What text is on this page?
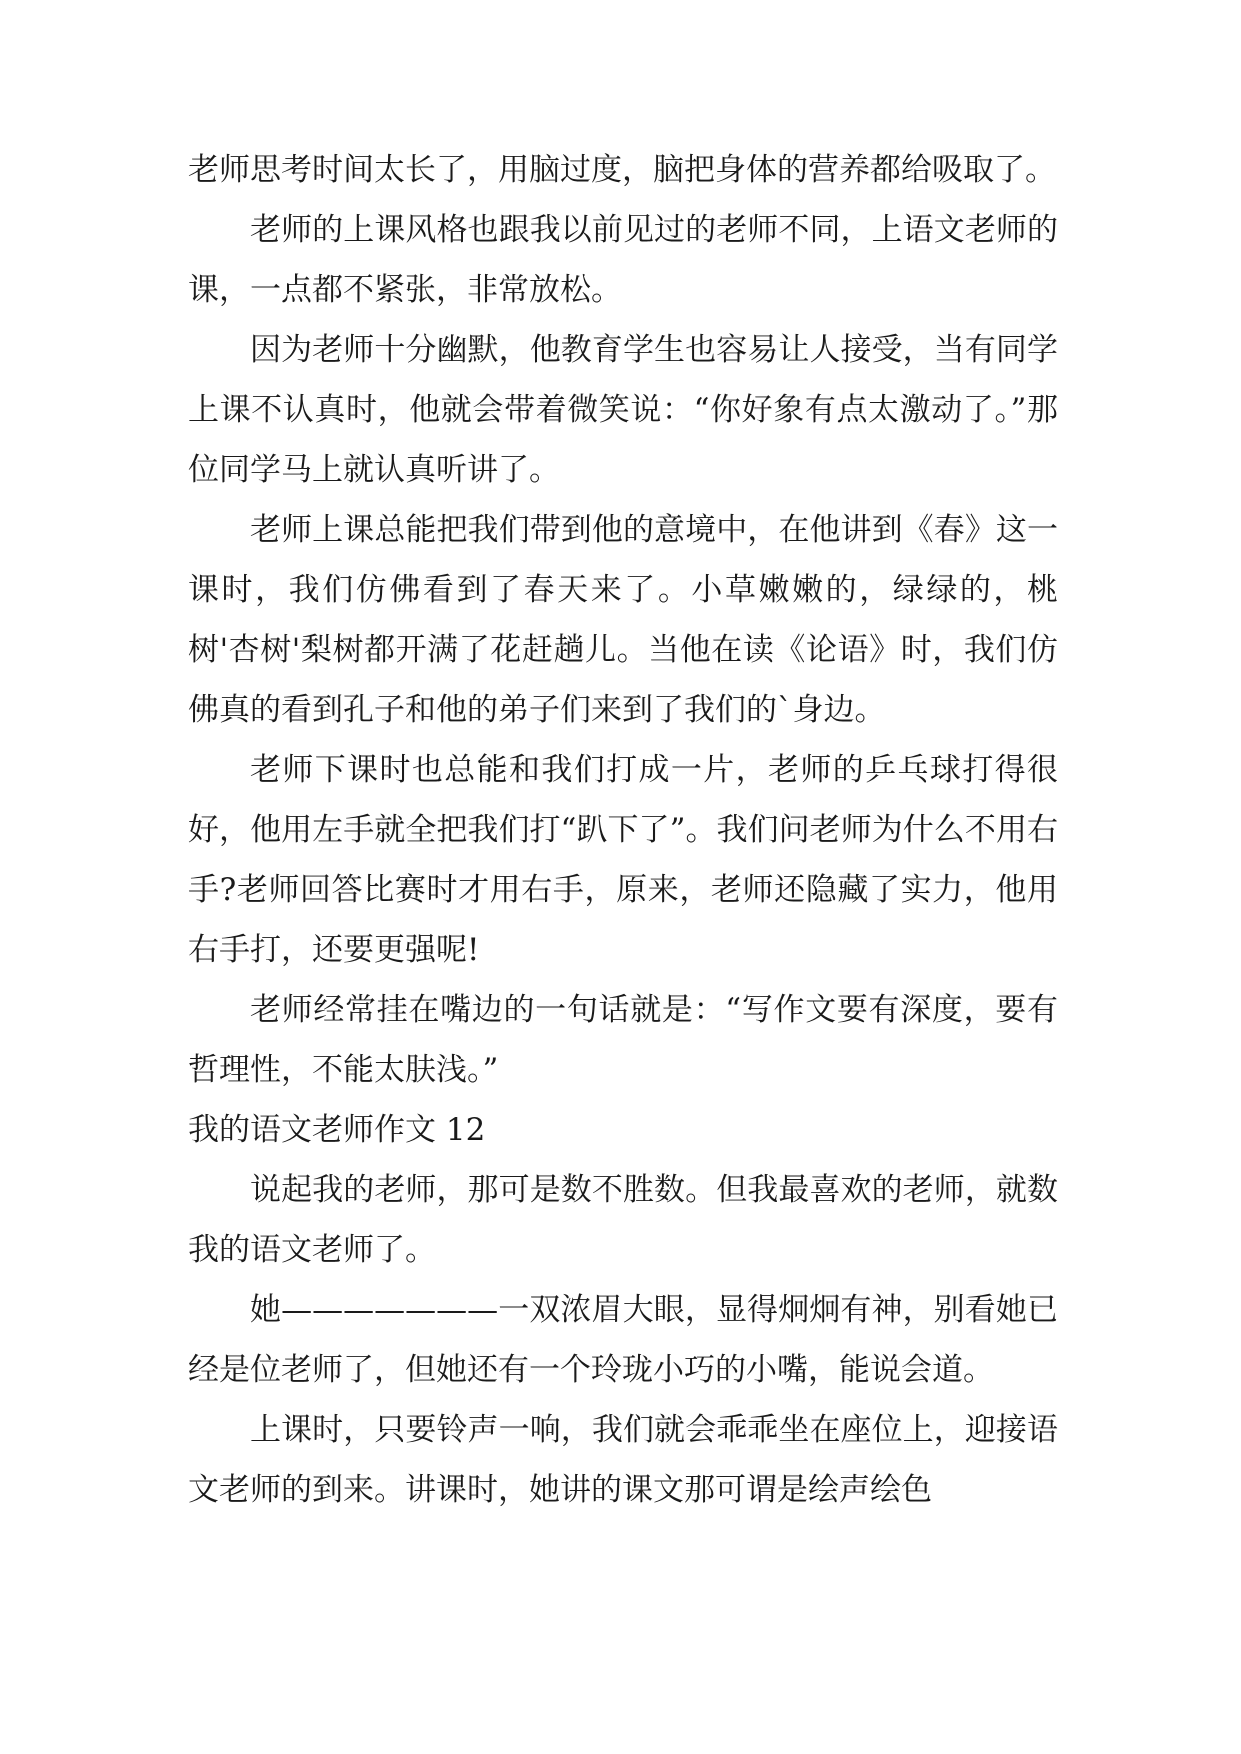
老师思考时间太长了，用脑过度，脑把身体的营养都给吸取了。

老师的上课风格也跟我以前见过的老师不同，上语文老师的课，一点都不紧张，非常放松。

因为老师十分幽默，他教育学生也容易让人接受，当有同学上课不认真时，他就会带着微笑说：“你好象有点太激动了。”那位同学马上就认真听讲了。

老师上课总能把我们带到他的意境中，在他讲到《春》这一课时，我们仿佛看到了春天来了。小草嫩嫩的，绿绿的，桃树'杏树'梨树都开满了花赶趟儿。当他在读《论语》时，我们仿佛真的看到孔子和他的弟子们来到了我们的`身边。

老师下课时也总能和我们打成一片，老师的乒乓球打得很好，他用左手就全把我们打“趴下了”。我们问老师为什么不用右手?老师回答比赛时才用右手，原来，老师还隐藏了实力，他用右手打，还要更强呢!

老师经常挂在嘴边的一句话就是：“写作文要有深度，要有哲理性，不能太肤浅。”

我的语文老师作文 12

说起我的老师，那可是数不胜数。但我最喜欢的老师，就数我的语文老师了。

她———————一双浓眉大眼，显得炯炯有神，别看她已经是位老师了，但她还有一个玲珑小巧的小嘴，能说会道。

上课时，只要铃声一响，我们就会乖乖坐在座位上，迎接语文老师的到来。讲课时，她讲的课文那可谓是绘声绘色
